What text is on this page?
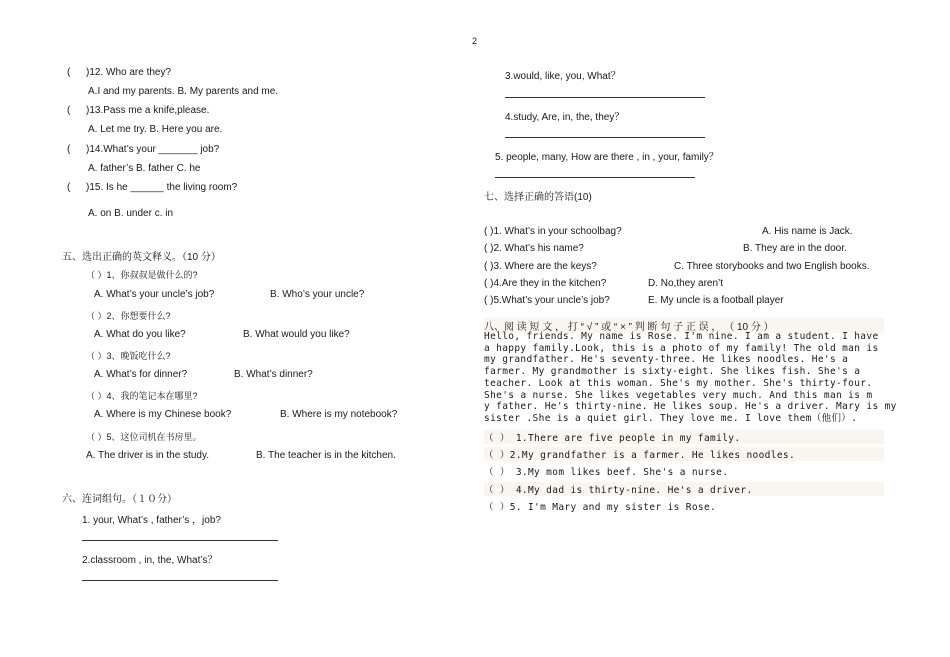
2
( )12. Who are they?
A.I and my parents. B. My parents and me.
( )13.Pass me a knife,please.
A. Let me try. B. Here you are.
( )14.What’s your _______ job?
A. father’s B. father C. he
( )15. Is he ______ the living room?
A. on B. under c. in
五、选出正确的英文释义。（10 分）
（ ）1、你叔叔是做什么的?
A. What’s your uncle’s job?	B. Who’s your uncle?
（ ）2、你想要什么?
A. What do you like?	B. What would you like?
（ ）3、晚饭吃什么?
A. What’s for dinner?	B. What’s dinner?
（ ）4、我的笔记本在哪里?
A. Where is my Chinese book?	B. Where is my notebook?
（ ）5、这位司机在书房里。
A. The driver is in the study.	B. The teacher is in the kitchen.
六、连词组句。（１０分）
1. your, What’s , father’s ，job?
2.classroom , in, the, What’s？
3.would, like, you, What？
4.study, Are, in, the, they？
5. people, many, How are there , in , your, family？
七、选择正确的答语(10)
( )1. What’s in your schoolbag?	A. His name is Jack.
( )2. What’s his name?	B. They are in the door.
( )3. Where are the keys?	C. Three storybooks and two English books.
( )4.Are they in the kitchen?	D. No,they aren’t
( )5.What’s your uncle’s job?	E. My uncle is a football player
八、阅 读 短 文 ， 打 “ √ ” 或 “ × ” 判 断 句 子 正 误 ， （ 10 分 ）
Hello, friends. My name is Rose. I'm nine. I am a student. I have
a happy family.Look, this is a photo of my family! The old man is
my grandfather. He's seventy-three. He likes noodles. He's a
farmer. My grandmother is sixty-eight. She likes fish. She's a
teacher. Look at this woman. She's my mother. She's thirty-four.
She's a nurse. She likes vegetables very much. And this man is m
y father. He's thirty-nine. He likes soup. He's a driver. Mary is my
sister .She is a quiet girl. They love me. I love them（他们）.
（ ） 1.There are five people in my family.
（ ）2.My grandfather is a farmer. He likes noodles.
（ ） 3.My mom likes beef. She's a nurse.
（ ） 4.My dad is thirty-nine. He's a driver.
（ ）5. I'm Mary and my sister is Rose.
